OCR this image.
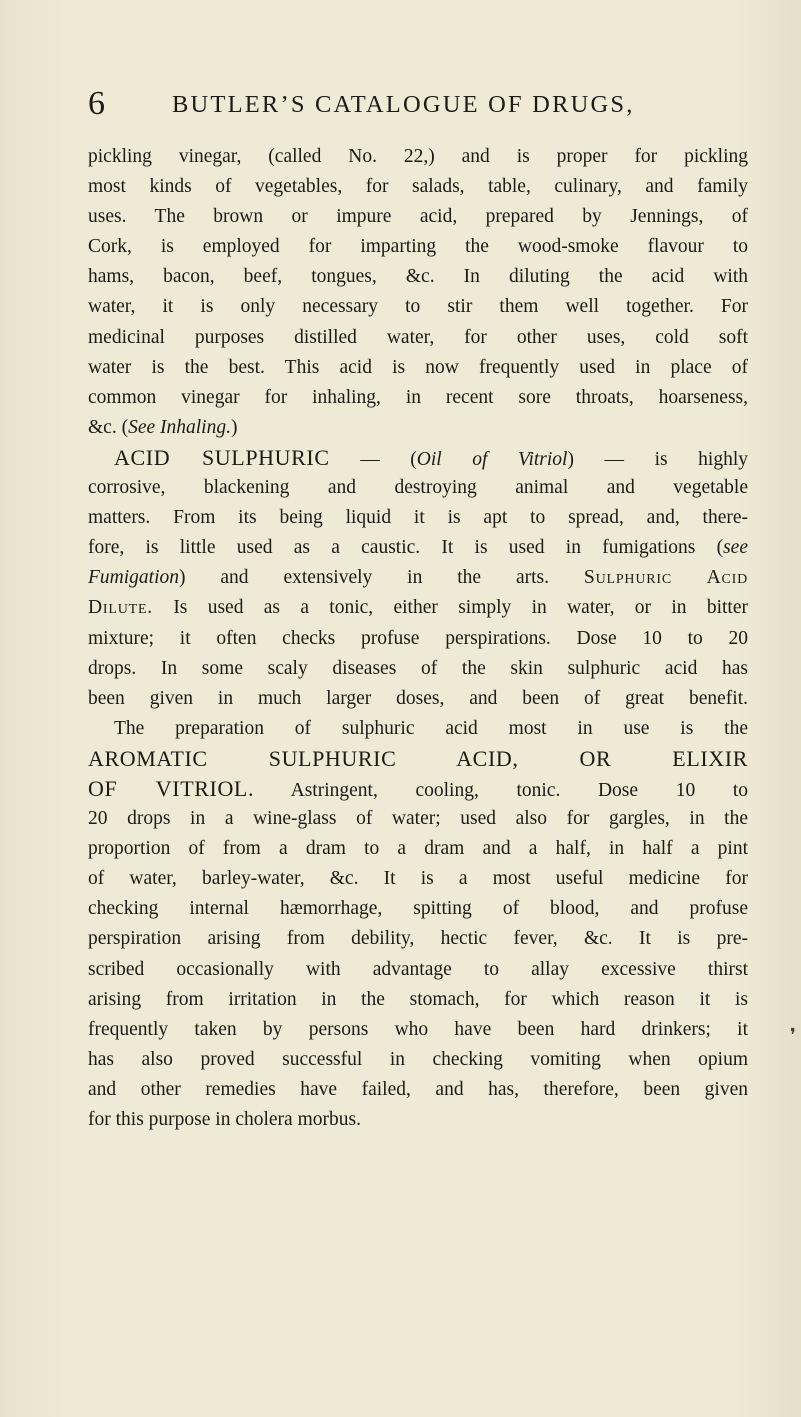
6	BUTLER’S CATALOGUE OF DRUGS,
pickling vinegar, (called No. 22,) and is proper for pickling
most kinds of vegetables, for salads, table, culinary, and family
uses. The brown or impure acid, prepared by Jennings, of
Cork, is employed for imparting the wood-smoke flavour to
hams, bacon, beef, tongues, &c. In diluting the acid with
water, it is only necessary to stir them well together. For
medicinal purposes distilled water, for other uses, cold soft
water is the best. This acid is now frequently used in place of
common vinegar for inhaling, in recent sore throats, hoarseness,
&c. (See Inhaling.)
ACID SULPHURIC — (Oil of Vitriol) — is highly
corrosive, blackening and destroying animal and vegetable
matters. From its being liquid it is apt to spread, and, there-
fore, is little used as a caustic. It is used in fumigations (see
Fumigation) and extensively in the arts. Sulphuric Acid
Dilute. Is used as a tonic, either simply in water, or in bitter
mixture; it often checks profuse perspirations. Dose 10 to 20
drops. In some scaly diseases of the skin sulphuric acid has
been given in much larger doses, and been of great benefit.
The preparation of sulphuric acid most in use is the
AROMATIC SULPHURIC ACID, OR ELIXIR
OF VITRIOL. Astringent, cooling, tonic. Dose 10 to
20 drops in a wine-glass of water; used also for gargles, in the
proportion of from a dram to a dram and a half, in half a pint
of water, barley-water, &c. It is a most useful medicine for
checking internal hæmorrhage, spitting of blood, and profuse
perspiration arising from debility, hectic fever, &c. It is pre-
scribed occasionally with advantage to allay excessive thirst
arising from irritation in the stomach, for which reason it is
frequently taken by persons who have been hard drinkers; it
has also proved successful in checking vomiting when opium
and other remedies have failed, and has, therefore, been given
for this purpose in cholera morbus.
❜
